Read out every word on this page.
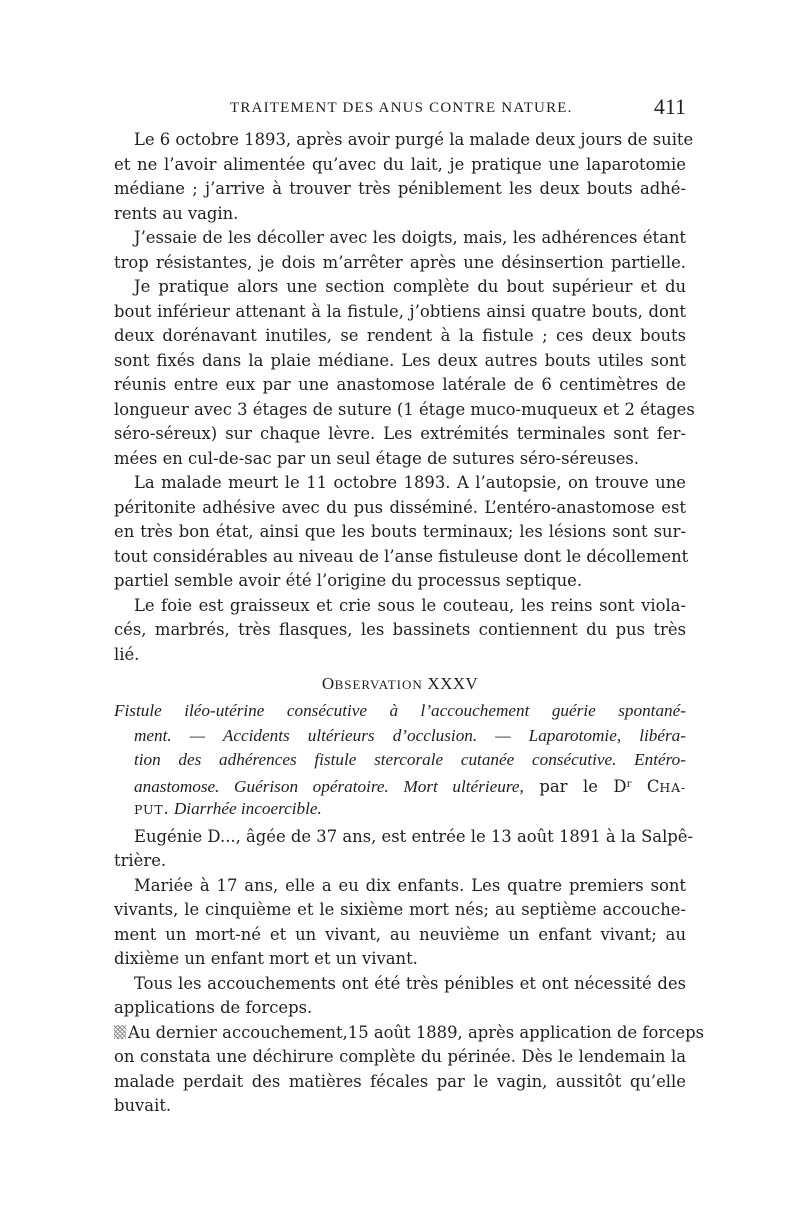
TRAITEMENT DES ANUS CONTRE NATURE.	411
Le 6 octobre 1893, après avoir purgé la malade deux jours de suite
et ne l’avoir alimentée qu’avec du lait, je pratique une laparotomie
médiane ; j’arrive à trouver très péniblement les deux bouts adhé-
rents au vagin.
J’essaie de les décoller avec les doigts, mais, les adhérences étant
trop résistantes, je dois m’arrêter après une désinsertion partielle.
Je pratique alors une section complète du bout supérieur et du
bout inférieur attenant à la fistule, j’obtiens ainsi quatre bouts, dont
deux dorénavant inutiles, se rendent à la fistule ; ces deux bouts
sont fixés dans la plaie médiane. Les deux autres bouts utiles sont
réunis entre eux par une anastomose latérale de 6 centimètres de
longueur avec 3 étages de suture (1 étage muco-muqueux et 2 étages
séro-séreux) sur chaque lèvre. Les extrémités terminales sont fer-
mées en cul-de-sac par un seul étage de sutures séro-séreuses.
La malade meurt le 11 octobre 1893. A l’autopsie, on trouve une
péritonite adhésive avec du pus disséminé. L’entéro-anastomose est
en très bon état, ainsi que les bouts terminaux; les lésions sont sur-
tout considérables au niveau de l’anse fistuleuse dont le décollement
partiel semble avoir été l’origine du processus septique.
Le foie est graisseux et crie sous le couteau, les reins sont viola-
cés, marbrés, très flasques, les bassinets contiennent du pus très
lié.
OBSERVATION XXXV
Fistule iléo-utérine consécutive à l’accouchement guérie spontané-
ment. — Accidents ultérieurs d’occlusion. — Laparotomie, libéra-
tion des adhérences fistule stercorale cutanée consécutive. Entéro-
anastomose. Guérison opératoire. Mort ultérieure, par le $D^r$ CHA-
PUT. Diarrhée incoercible.
Eugénie D..., âgée de 37 ans, est entrée le 13 août 1891 à la Salpê-
trière.
Mariée à 17 ans, elle a eu dix enfants. Les quatre premiers sont
vivants, le cinquième et le sixième mort nés; au septième accouche-
ment un mort-né et un vivant, au neuvième un enfant vivant; au
dixième un enfant mort et un vivant.
Tous les accouchements ont été très pénibles et ont nécessité des
applications de forceps.
Au dernier accouchement,15 août 1889, après application de forceps
on constata une déchirure complète du périnée. Dès le lendemain la
malade perdait des matières fécales par le vagin, aussitôt qu’elle
buvait.
